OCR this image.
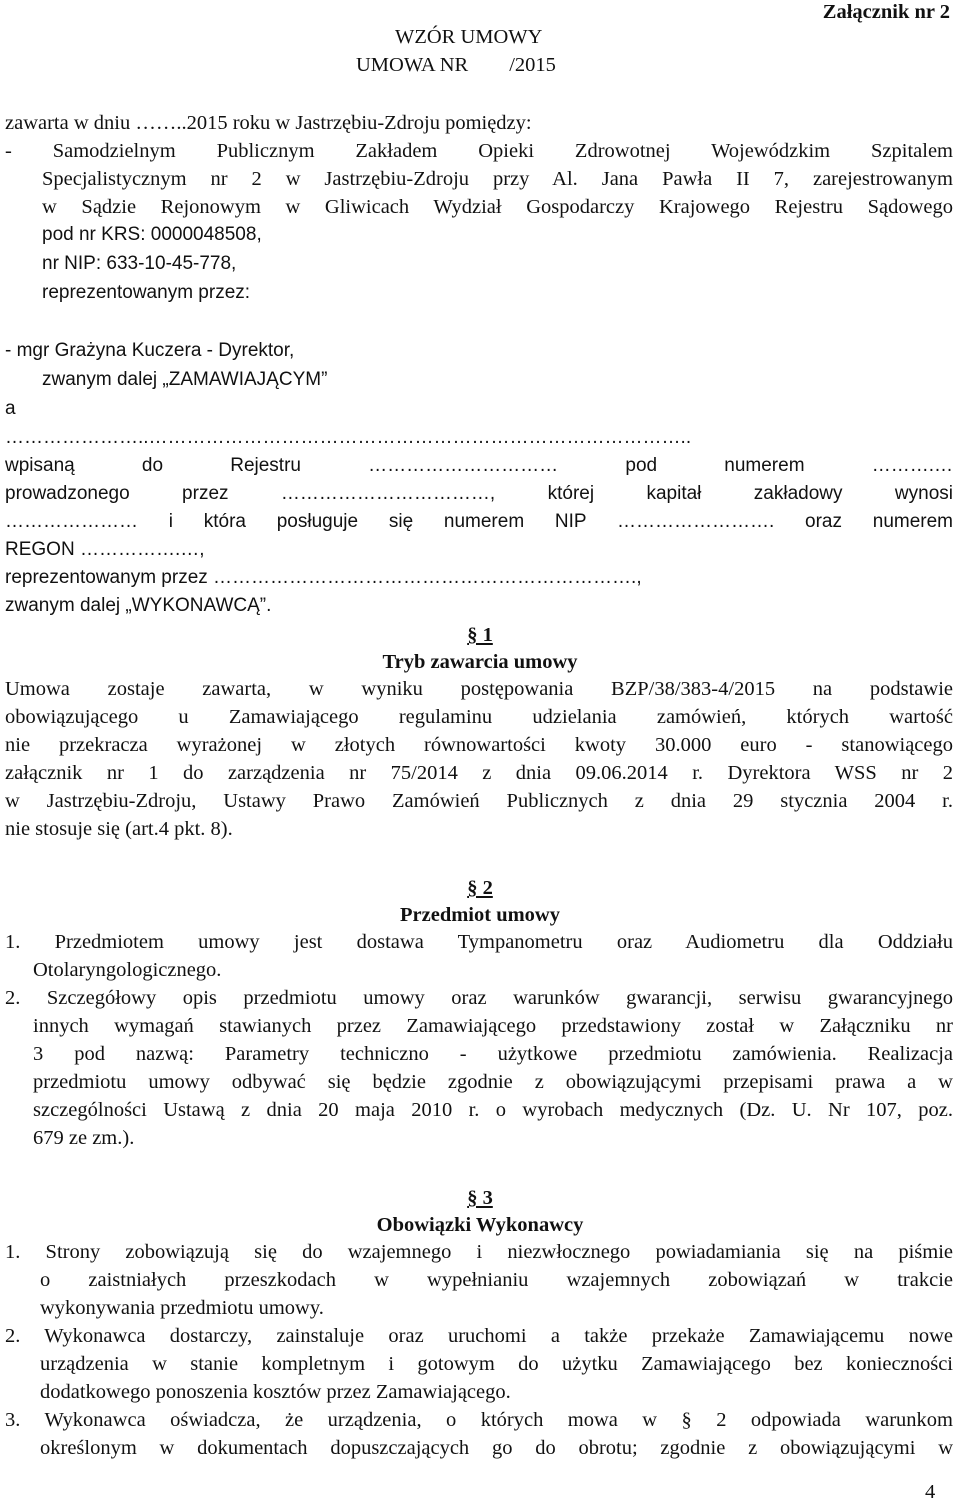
Załącznik nr 2
WZÓR UMOWY
UMOWA NR        /2015
zawarta w dniu ……..2015 roku w Jastrzębiu-Zdroju pomiędzy:
- Samodzielnym Publicznym Zakładem Opieki Zdrowotnej Wojewódzkim Szpitalem
Specjalistycznym nr 2 w Jastrzębiu-Zdroju przy Al. Jana Pawła II 7, zarejestrowanym
w Sądzie Rejonowym w Gliwicach Wydział Gospodarczy Krajowego Rejestru Sądowego
pod nr KRS: 0000048508,
nr NIP: 633-10-45-778,
reprezentowanym przez:
- mgr Grażyna Kuczera - Dyrektor,
zwanym dalej „ZAMAWIAJĄCYM”
a
…………………..…………………………………………………………………………..
wpisaną do Rejestru ………………………… pod numerem ……….…
prowadzonego przez ……………………………, której kapitał zakładowy wynosi
………………… i która posługuje się numerem NIP ……………………. oraz numerem
REGON …………….…,
reprezentowanym przez ………………………………………………………….,
zwanym dalej „WYKONAWCĄ”.
§ 1
Tryb zawarcia umowy
Umowa zostaje zawarta, w wyniku postępowania BZP/38/383-4/2015 na podstawie
obowiązującego u Zamawiającego regulaminu udzielania zamówień, których wartość
nie przekracza wyrażonej w złotych równowartości kwoty 30.000 euro - stanowiącego
załącznik nr 1 do zarządzenia nr 75/2014 z dnia 09.06.2014 r. Dyrektora WSS nr 2
w Jastrzębiu-Zdroju, Ustawy Prawo Zamówień Publicznych z dnia 29 stycznia 2004 r.
nie stosuje się (art.4 pkt. 8).
§ 2
Przedmiot umowy
1. Przedmiotem umowy jest dostawa Tympanometru oraz Audiometru dla Oddziału
Otolaryngologicznego.
2. Szczegółowy opis przedmiotu umowy oraz warunków gwarancji, serwisu gwarancyjnego
innych wymagań stawianych przez Zamawiającego przedstawiony został w Załączniku nr
3 pod nazwą: Parametry techniczno - użytkowe przedmiotu zamówienia. Realizacja
przedmiotu umowy odbywać się będzie zgodnie z obowiązującymi przepisami prawa a w
szczególności Ustawą z dnia 20 maja 2010 r. o wyrobach medycznych (Dz. U. Nr 107, poz.
679 ze zm.).
§ 3
Obowiązki Wykonawcy
1. Strony zobowiązują się do wzajemnego i niezwłocznego powiadamiania się na piśmie
o zaistniałych przeszkodach w wypełnianiu wzajemnych zobowiązań w trakcie
wykonywania przedmiotu umowy.
2. Wykonawca dostarczy, zainstaluje oraz uruchomi a także przekaże Zamawiającemu nowe
urządzenia w stanie kompletnym i gotowym do użytku Zamawiającego bez konieczności
dodatkowego ponoszenia kosztów przez Zamawiającego.
3. Wykonawca oświadcza, że urządzenia, o których mowa w § 2 odpowiada warunkom
określonym w dokumentach dopuszczających go do obrotu; zgodnie z obowiązującymi w
4
